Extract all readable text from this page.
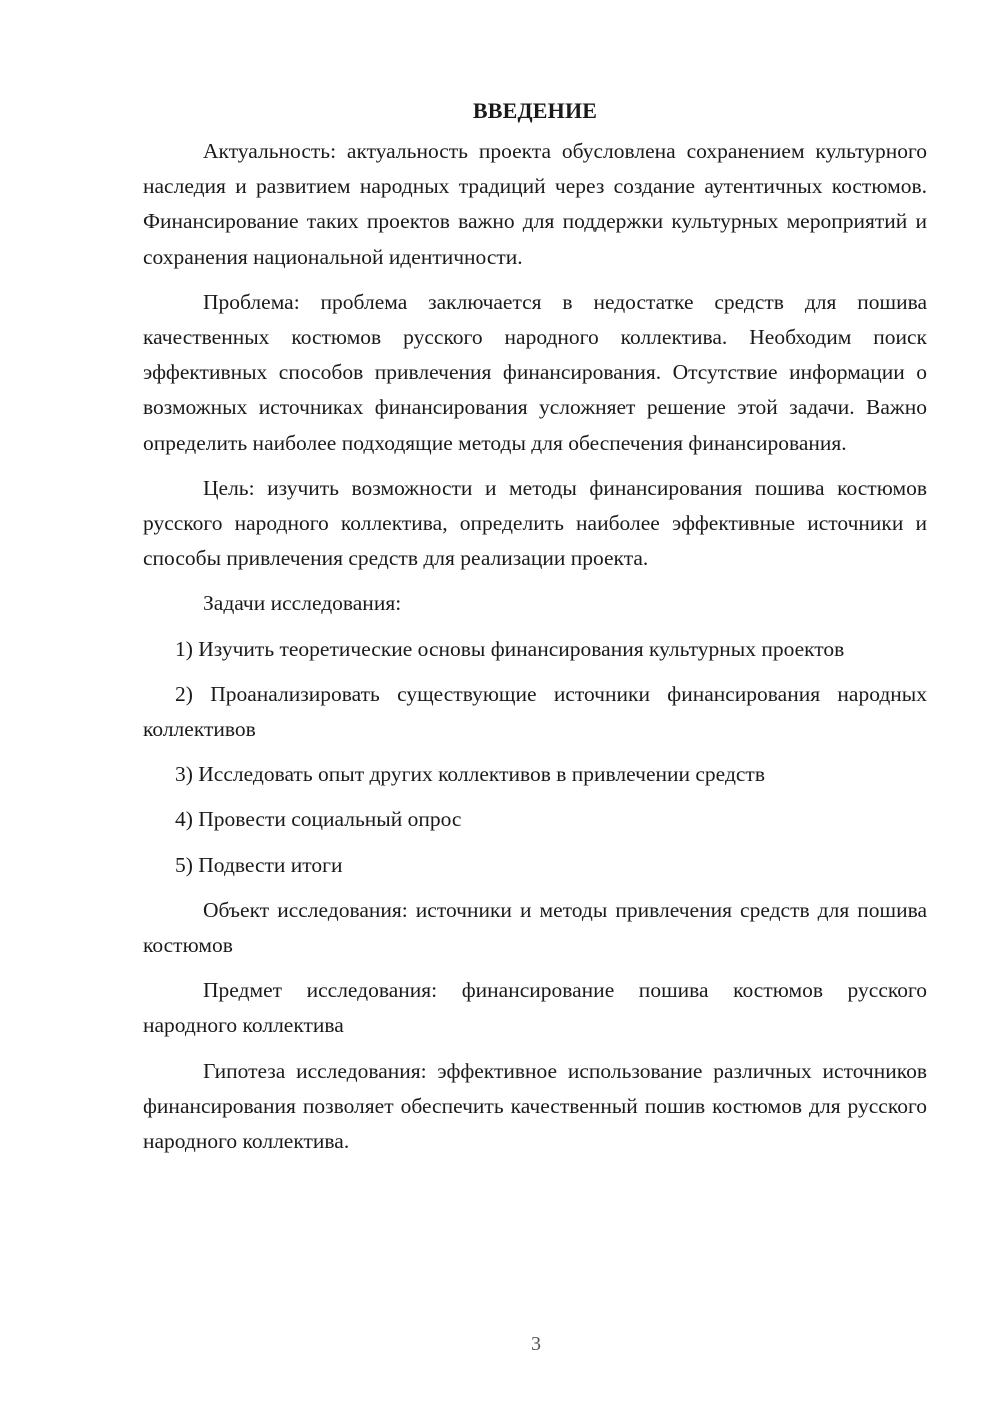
ВВЕДЕНИЕ

Актуальность: актуальность проекта обусловлена сохранением культурного наследия и развитием народных традиций через создание аутентичных костюмов. Финансирование таких проектов важно для поддержки культурных мероприятий и сохранения национальной идентичности.

Проблема: проблема заключается в недостатке средств для пошива качественных костюмов русского народного коллектива. Необходим поиск эффективных способов привлечения финансирования. Отсутствие информации о возможных источниках финансирования усложняет решение этой задачи. Важно определить наиболее подходящие методы для обеспечения финансирования.

Цель: изучить возможности и методы финансирования пошива костюмов русского народного коллектива, определить наиболее эффективные источники и способы привлечения средств для реализации проекта.

Задачи исследования:

1) Изучить теоретические основы финансирования культурных проектов

2) Проанализировать существующие источники финансирования народных коллективов

3) Исследовать опыт других коллективов в привлечении средств

4) Провести социальный опрос

5) Подвести итоги

Объект исследования: источники и методы привлечения средств для пошива костюмов

Предмет исследования: финансирование пошива костюмов русского народного коллектива

Гипотеза исследования: эффективное использование различных источников финансирования позволяет обеспечить качественный пошив костюмов для русского народного коллектива.

3
